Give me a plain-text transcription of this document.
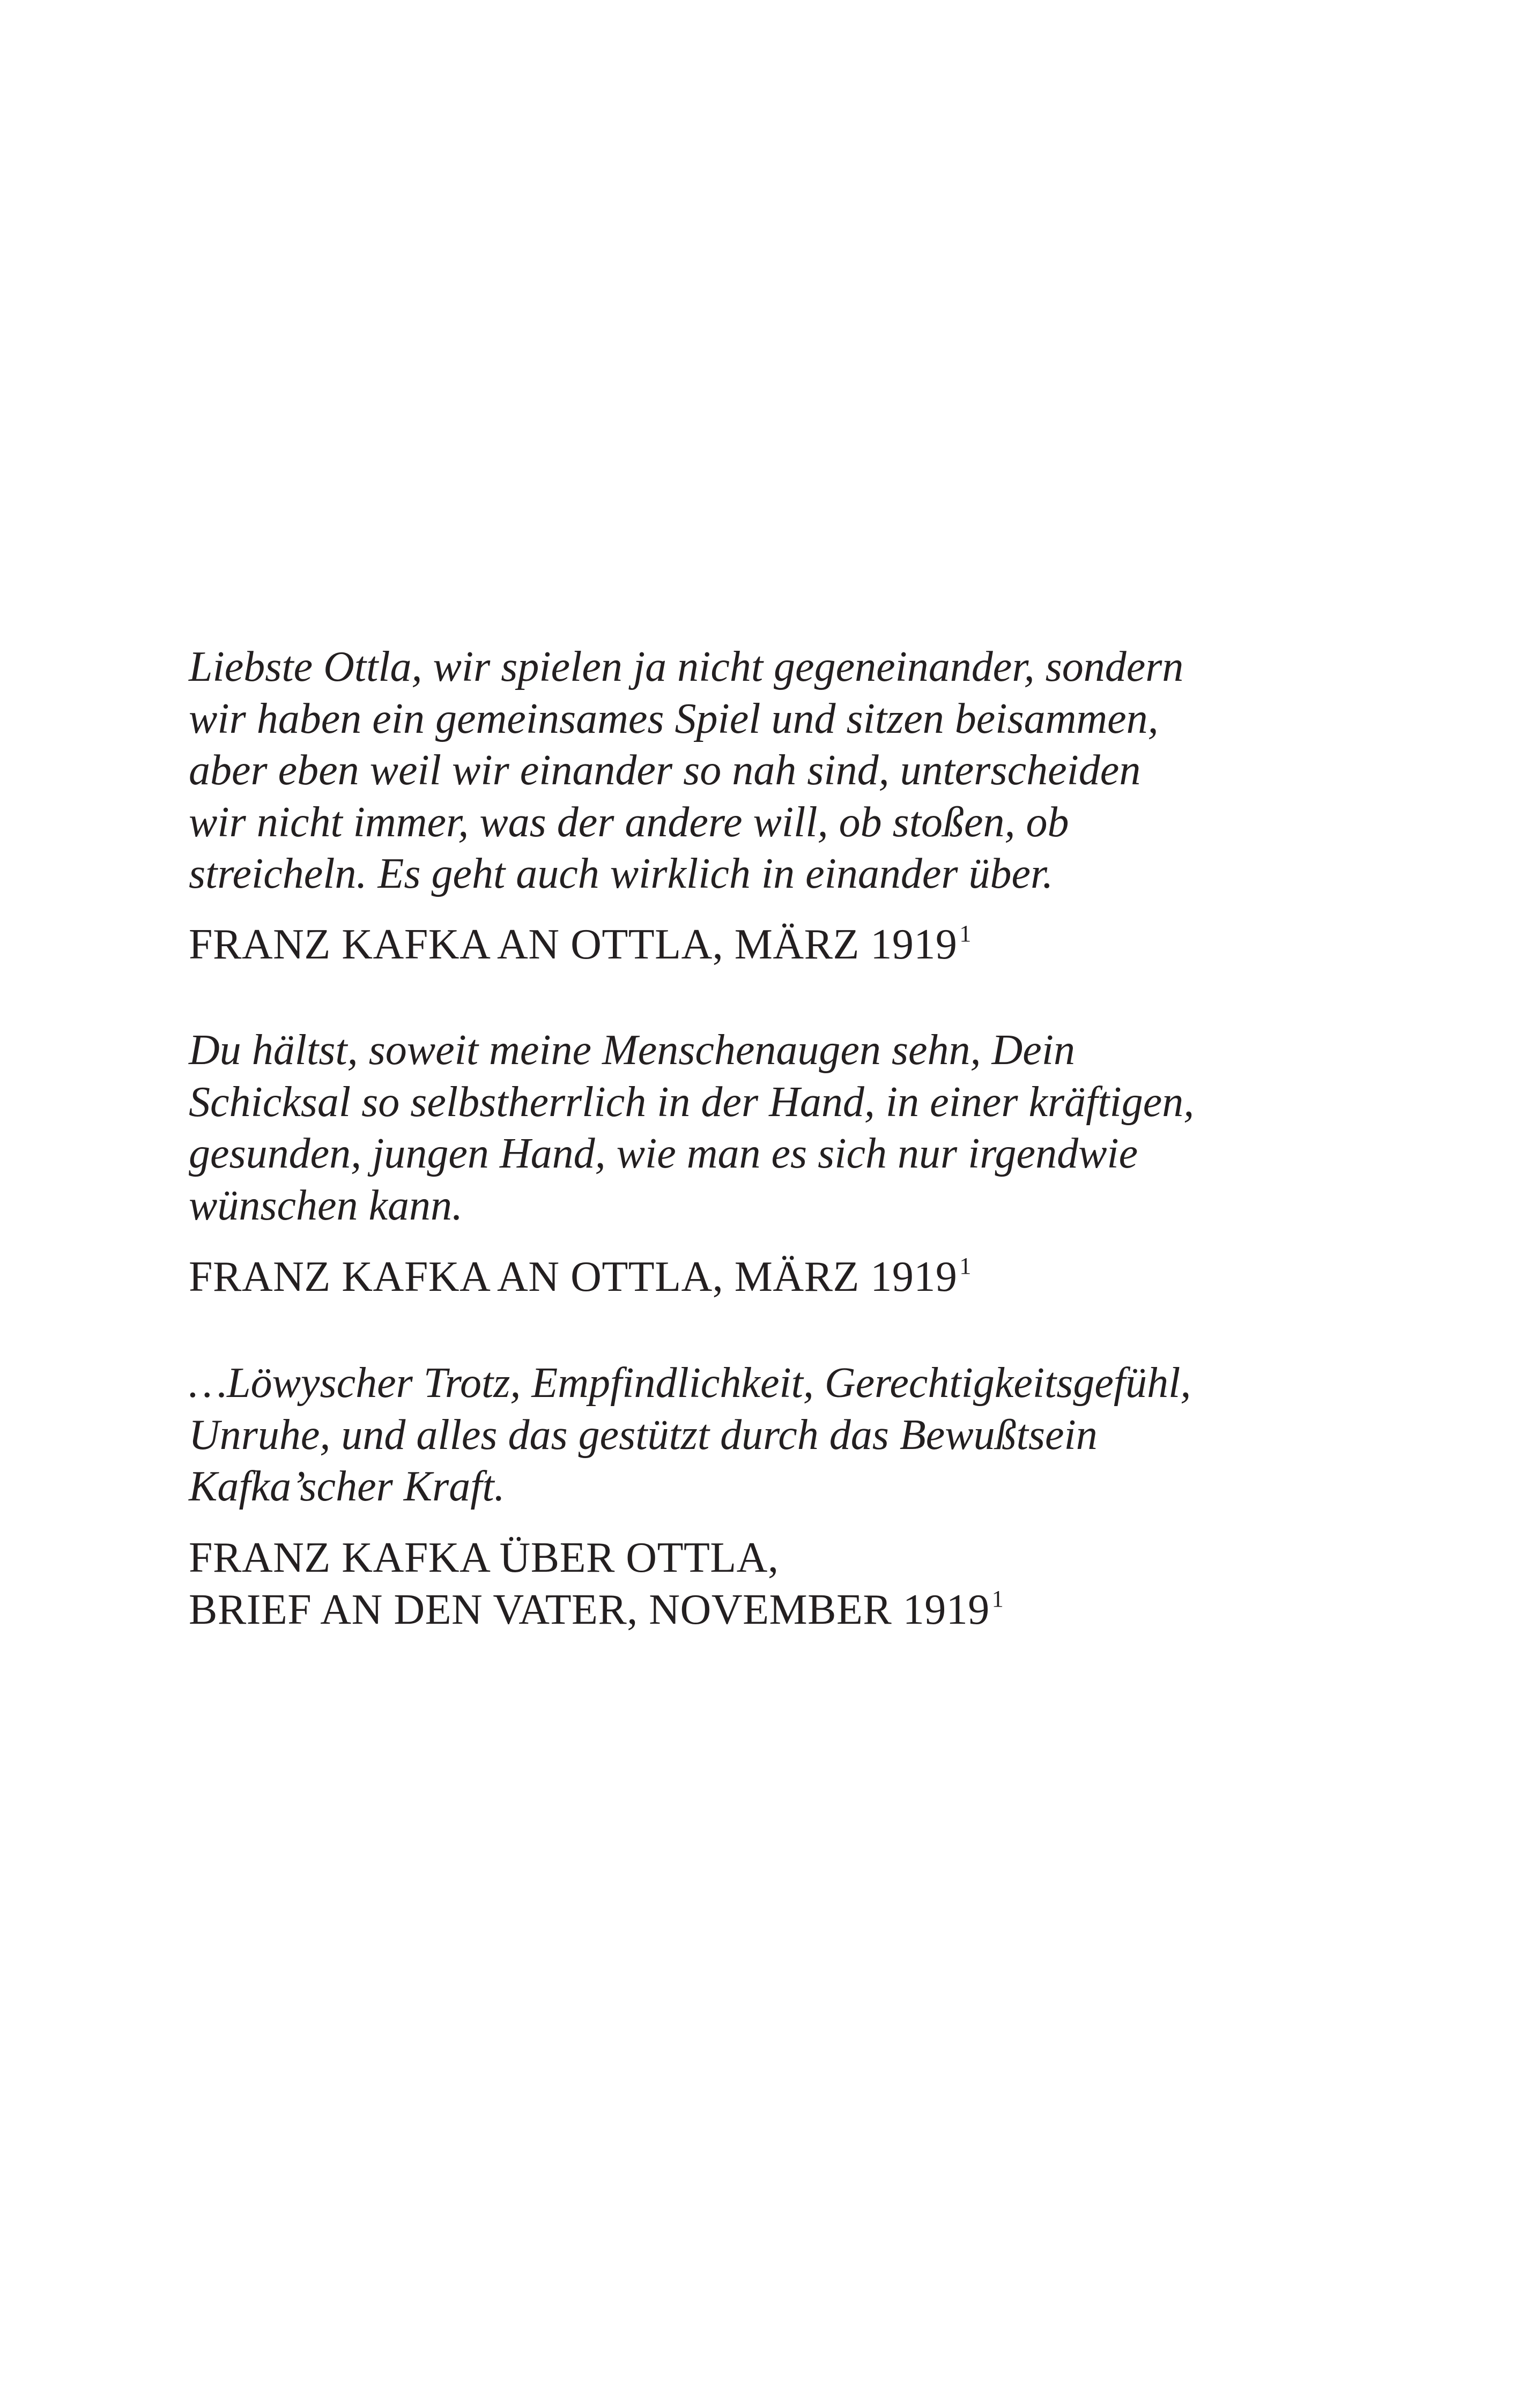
Liebste Ottla, wir spielen ja nicht gegeneinander, sondern
wir haben ein gemeinsames Spiel und sitzen beisammen,
aber eben weil wir einander so nah sind, unterscheiden
wir nicht immer, was der andere will, ob stoßen, ob
streicheln. Es geht auch wirklich in einander über.

FRANZ KAFKA AN OTTLA, MÄRZ 1919$^1$

Du hältst, soweit meine Menschenaugen sehn, Dein
Schicksal so selbstherrlich in der Hand, in einer kräftigen,
gesunden, jungen Hand, wie man es sich nur irgendwie
wünschen kann.

FRANZ KAFKA AN OTTLA, MÄRZ 1919$^1$

…Löwyscher Trotz, Empfindlichkeit, Gerechtigkeitsgefühl,
Unruhe, und alles das gestützt durch das Bewußtsein
Kafka’scher Kraft.

FRANZ KAFKA ÜBER OTTLA,
BRIEF AN DEN VATER, NOVEMBER 1919$^1$
